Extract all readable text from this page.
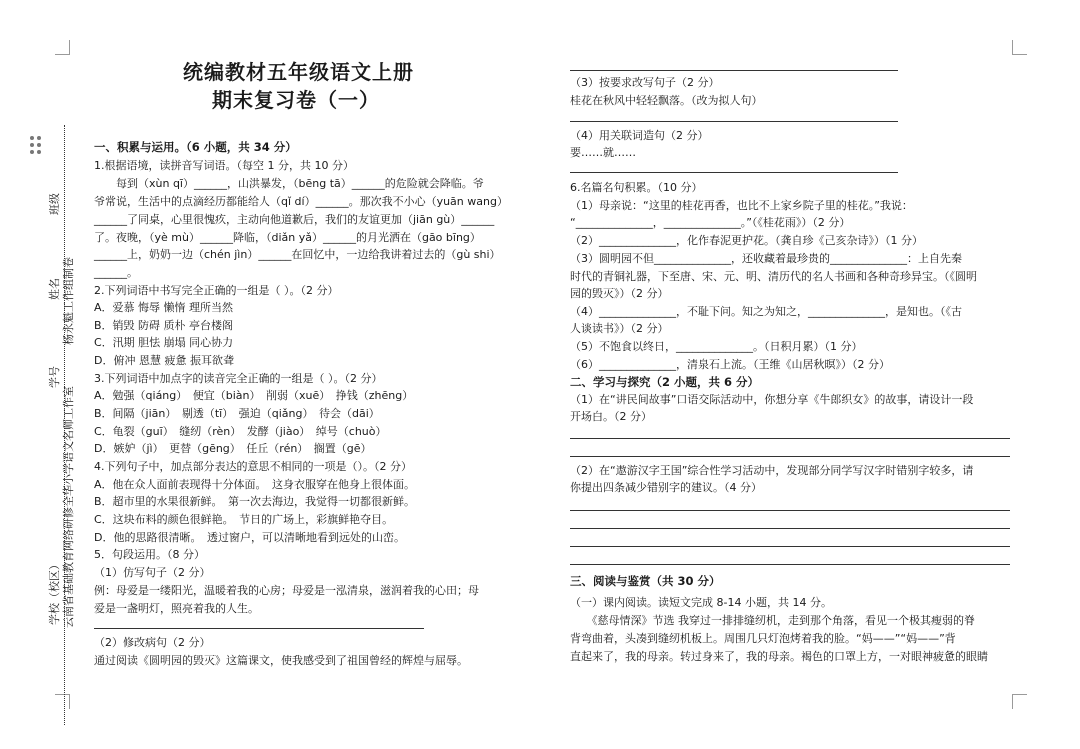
班级
姓名
学号
学校（校区）
杨永魁工作组制卷
云南省基础教育网络研修全华小学语文名师工作室
统编教材五年级语文上册
期末复习卷（一）
一、积累与运用。（6 小题，共 34 分）
1.根据语境，读拼音写词语。（每空 1 分，共 10 分）
　　每到（xùn qī）______，山洪暴发，（bēng tā）______的危险就会降临。爷
爷常说，生活中的点滴经历都能给人（qǐ dí）______。那次我不小心（yuān wang）
______了同桌，心里很愧疚，主动向他道歉后，我们的友谊更加（jiān gù）______
了。夜晚，（yè mù）______降临，（diǎn yǎ）______的月光洒在（gāo bīng）
______上，奶奶一边（chén jìn）______在回忆中，一边给我讲着过去的（gù shi）
______。
2.下列词语中书写完全正确的一组是（ ）。（2 分）
A．爱慕 悔辱 懒惰 理所当然
B．销毁 防碍 质朴 亭台楼阁
C．汛期 胆怯 崩塌 同心协力
D．俯冲 恩慧 疲惫 振耳欲聋
3.下列词语中加点字的读音完全正确的一组是（ ）。（2 分）
A．勉强（qiáng）　便宜（biàn）　削弱（xuē）　挣钱（zhēng）
B．间隔（jiān）　剔透（tī）　强迫（qiǎng）　待会（dāi）
C．龟裂（guī）　缝纫（rèn）　发酵（jiào）　绰号（chuò）
D．嫉妒（jì）　更替（gēng）　任丘（rén）　搁置（gē）
4.下列句子中，加点部分表达的意思不相同的一项是（）。（2 分）
A．他在众人面前表现得十分体面。　这身衣服穿在他身上很体面。
B．超市里的水果很新鲜。　第一次去海边，我觉得一切都很新鲜。
C．这块布料的颜色很鲜艳。　节日的广场上，彩旗鲜艳夺目。
D．他的思路很清晰。　透过窗户，可以清晰地看到远处的山峦。
5．句段运用。（8 分）
（1）仿写句子（2 分）
例：母爱是一缕阳光，温暖着我的心房；母爱是一泓清泉，滋润着我的心田；母
爱是一盏明灯，照亮着我的人生。
（2）修改病句（2 分）
通过阅读《圆明园的毁灭》这篇课文，使我感受到了祖国曾经的辉煌与屈辱。
（3）按要求改写句子（2 分）
桂花在秋风中轻轻飘落。（改为拟人句）
（4）用关联词造句（2 分）
要……就……
6.名篇名句积累。（10 分）
（1）母亲说：“这里的桂花再香，也比不上家乡院子里的桂花。”我说：
“______________，______________。”（《桂花雨》）（2 分）
（2）______________，化作春泥更护花。（龚自珍《己亥杂诗》）（1 分）
（3）圆明园不但______________，还收藏着最珍贵的______________：上自先秦
时代的青铜礼器，下至唐、宋、元、明、清历代的名人书画和各种奇珍异宝。（《圆明
园的毁灭》）（2 分）
（4）______________，不耻下问。知之为知之，______________，是知也。（《古
人谈读书》）（2 分）
（5）不饱食以终日，______________。（日积月累）（1 分）
（6）______________，清泉石上流。（王维《山居秋暝》）（2 分）
二、学习与探究（2 小题，共 6 分）
（1）在“讲民间故事”口语交际活动中，你想分享《牛郎织女》的故事，请设计一段
开场白。（2 分）
（2）在“遨游汉字王国”综合性学习活动中，发现部分同学写汉字时错别字较多，请
你提出四条减少错别字的建议。（4 分）
三、阅读与鉴赏（共 30 分）
（一）课内阅读。读短文完成 8-14 小题，共 14 分。
　　《慈母情深》节选 我穿过一排排缝纫机，走到那个角落，看见一个极其瘦弱的脊
背弯曲着，头凑到缝纫机板上。周围几只灯泡烤着我的脸。“妈——”“妈——”背
直起来了，我的母亲。转过身来了，我的母亲。褐色的口罩上方，一对眼神疲惫的眼睛
